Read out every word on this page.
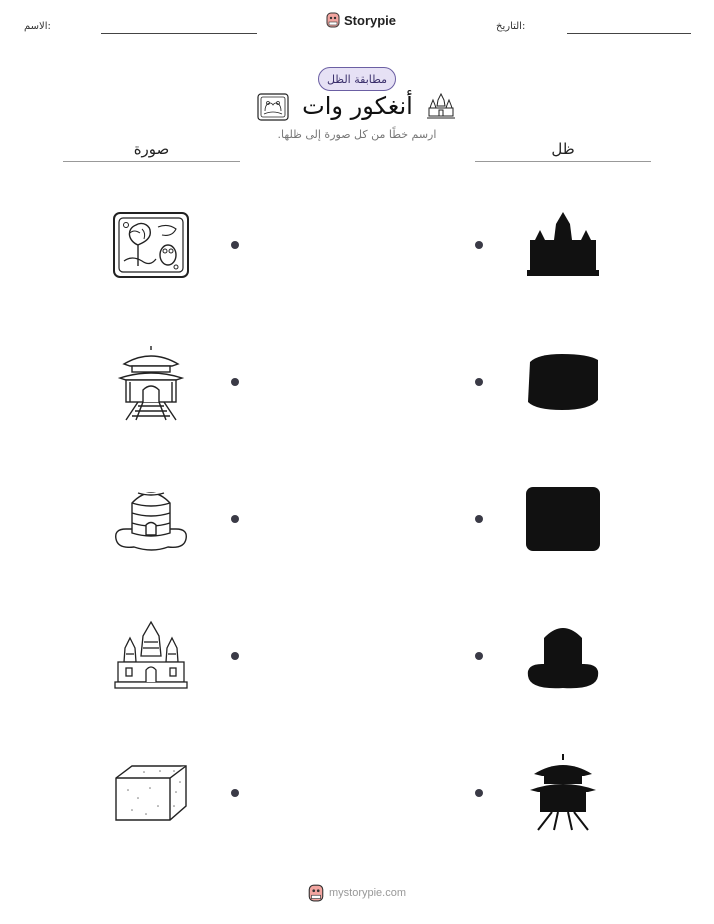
الاسم:	Storypie	التاريخ:
مطابقة الظل
أنغكور وات
ارسم خطًا من كل صورة إلى ظلها.
صورة	ظل
mystorypie.com
